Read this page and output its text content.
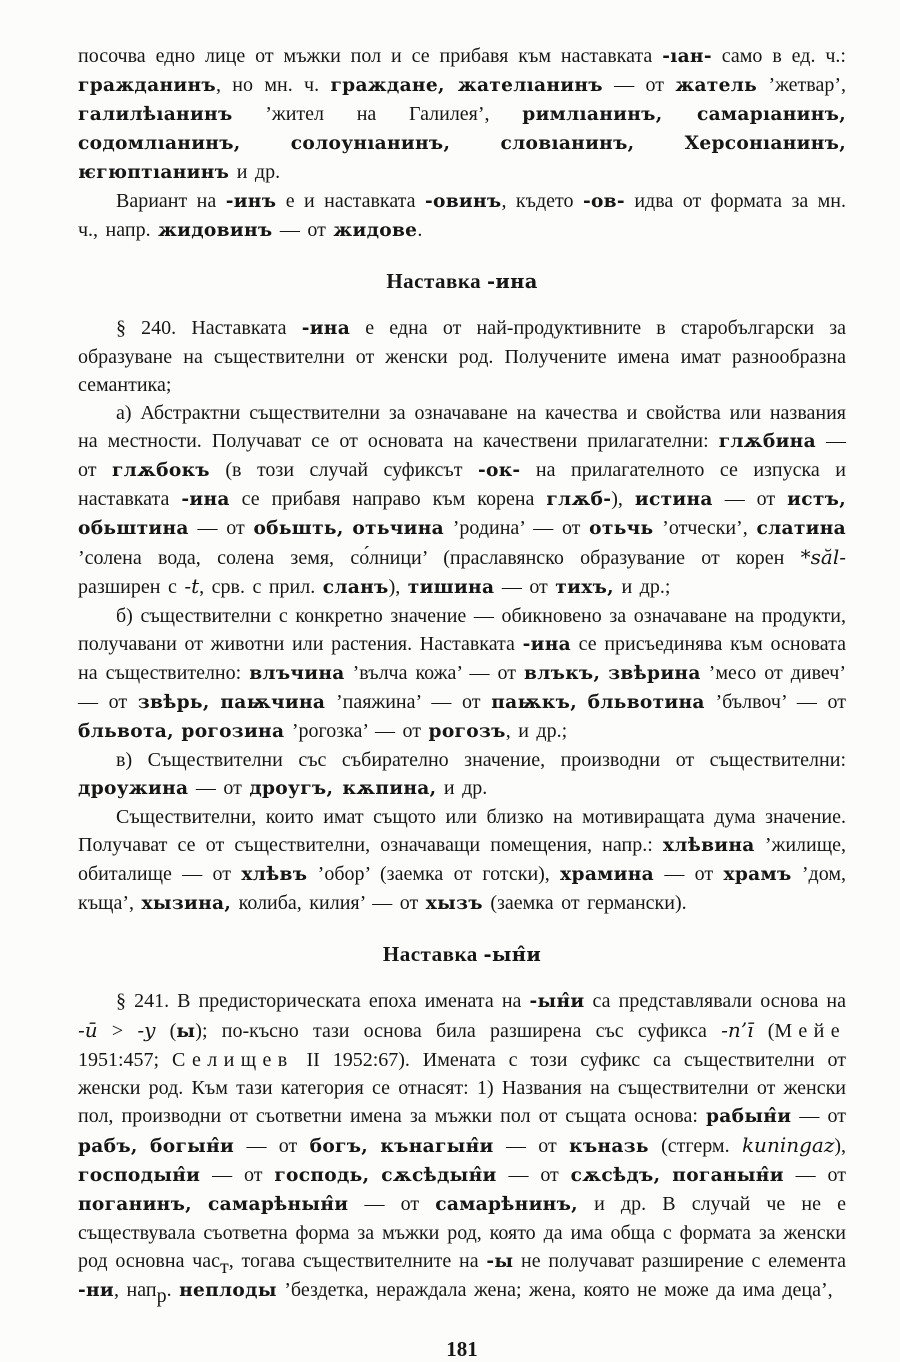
посочва едно лице от мъжки пол и се прибавя към наставката -ıан- само в ед. ч.: гражданинъ, но мн. ч. граждане, жателıанинъ — от жатель ’жетвар’, галилѣıанинъ ’жител на Галилея’, римлıанинъ, самарıанинъ, содомлıанинъ, солоунıанинъ, словıанинъ, Херсонıанинъ, ѥгюптıанинъ и др.

Вариант на -инъ е и наставката -овинъ, където -ов- идва от формата за мн. ч., напр. жидовинъ — от жидове.

Наставка -ина

§ 240. Наставката -ина е една от най-продуктивните в старобългарски за образуване на съществителни от женски род. Получените имена имат разнообразна семантика;

а) Абстрактни съществителни за означаване на качества и свойства или названия на местности. Получават се от основата на качествени прилагателни: глѫбина — от глѫбокъ (в този случай суфиксът -ок- на прилагателното се изпуска и наставката -ина се прибавя направо към корена глѫб-), истина — от истъ, обьштина — от обьшть, отьчина ’родина’ — от отьчь ’отчески’, слатина ’солена вода, солена земя, со́лници’ (праславянско образувание от корен *săl- разширен с -t, срв. с прил. сланъ), тишина — от тихъ, и др.;

б) съществителни с конкретно значение — обикновено за означаване на продукти, получавани от животни или растения. Наставката -ина се присъединява към основата на съществително: влъчина ’вълча кожа’ — от влъкъ, звѣрина ’месо от дивеч’ — от звѣрь, паѭчина ’паяжина’ — от паѭкъ, бльвотина ’бълвоч’ — от бльвота, рогозина ’рогозка’ — от рогозъ, и др.;

в) Съществителни със събирателно значение, производни от съществителни: дроужина — от дроугъ, кѫпина, и др.

Съществителни, които имат същото или близко на мотивиращата дума значение. Получават се от съществителни, означаващи помещения, напр.: хлѣвина ’жилище, обиталище — от хлѣвъ ’обор’ (заемка от готски), храмина — от храмъ ’дом, къща’, хызина, колиба, килия’ — от хызъ (заемка от германски).

Наставка -ын̂и

§ 241. В предисторическата епоха имената на -ын̂и са представлявали основа на -ū > -y (ы); по-късно тази основа била разширена със суфикса -n’ī (Мейе 1951:457; Селищев II 1952:67). Имената с този суфикс са съществителни от женски род. Към тази категория се отнасят: 1) Названия на съществителни от женски пол, производни от съответни имена за мъжки пол от същата основа: рабын̂и — от рабъ, богын̂и — от богъ, кънагын̂и — от къназь (стгерм. kuningaz), господын̂и — от господь, сѫсѣдын̂и — от сѫсѣдъ, поганын̂и — от поганинъ, самарѣнын̂и — от самарѣнинъ, и др. В случай че не е съществувала съответна форма за мъжки род, която да има обща с формата за женски род основна част, тогава съществителните на -ы не получават разширение с елемента -ни, напр. неплоды ’бездетка, нераждала жена; жена, която не може да има деца’,

181
